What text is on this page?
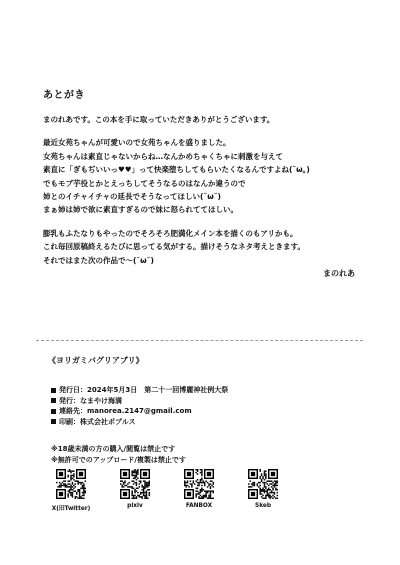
あとがき
まのれあです。この本を手に取っていただきありがとうございます。
最近女苑ちゃんが可愛いので女苑ちゃんを盛りました。
女苑ちゃんは素直じゃないからね…なんかめちゃくちゃに刺激を与えて
素直に「ぎもぢいいっ♥♥」って快楽堕ちしてもらいたくなるんですよね(˘ω。)
でもモブ芋役とかとえっちしてそうなるのはなんか違うので
姉とのイチャイチャの延長でそうなってほしい(˘ω˘)
まぁ姉は姉で欲に素直すぎるので妹に怒られててほしい。
膨乳もふたなりもやったのでそろそろ肥満化メイン本を描くのもアリかも。
これ毎回原稿終えるたびに思ってる気がする。描けそうなネタ考えときます。
それではまた次の作品で～(˘ω˘)
まのれあ
《ヨリガミバグリアブリ》
発行日：2024年5月3日　第二十一回博麗神社例大祭
発行：なまやけ海満
連絡先：manorea.2147@gmail.com
印刷：株式会社ポプルス
※18歳未満の方の購入/閲覧は禁止です
※無許可でのアップロード/複製は禁止です
X(旧Twitter)	pixiv	FANBOX	Skeb
